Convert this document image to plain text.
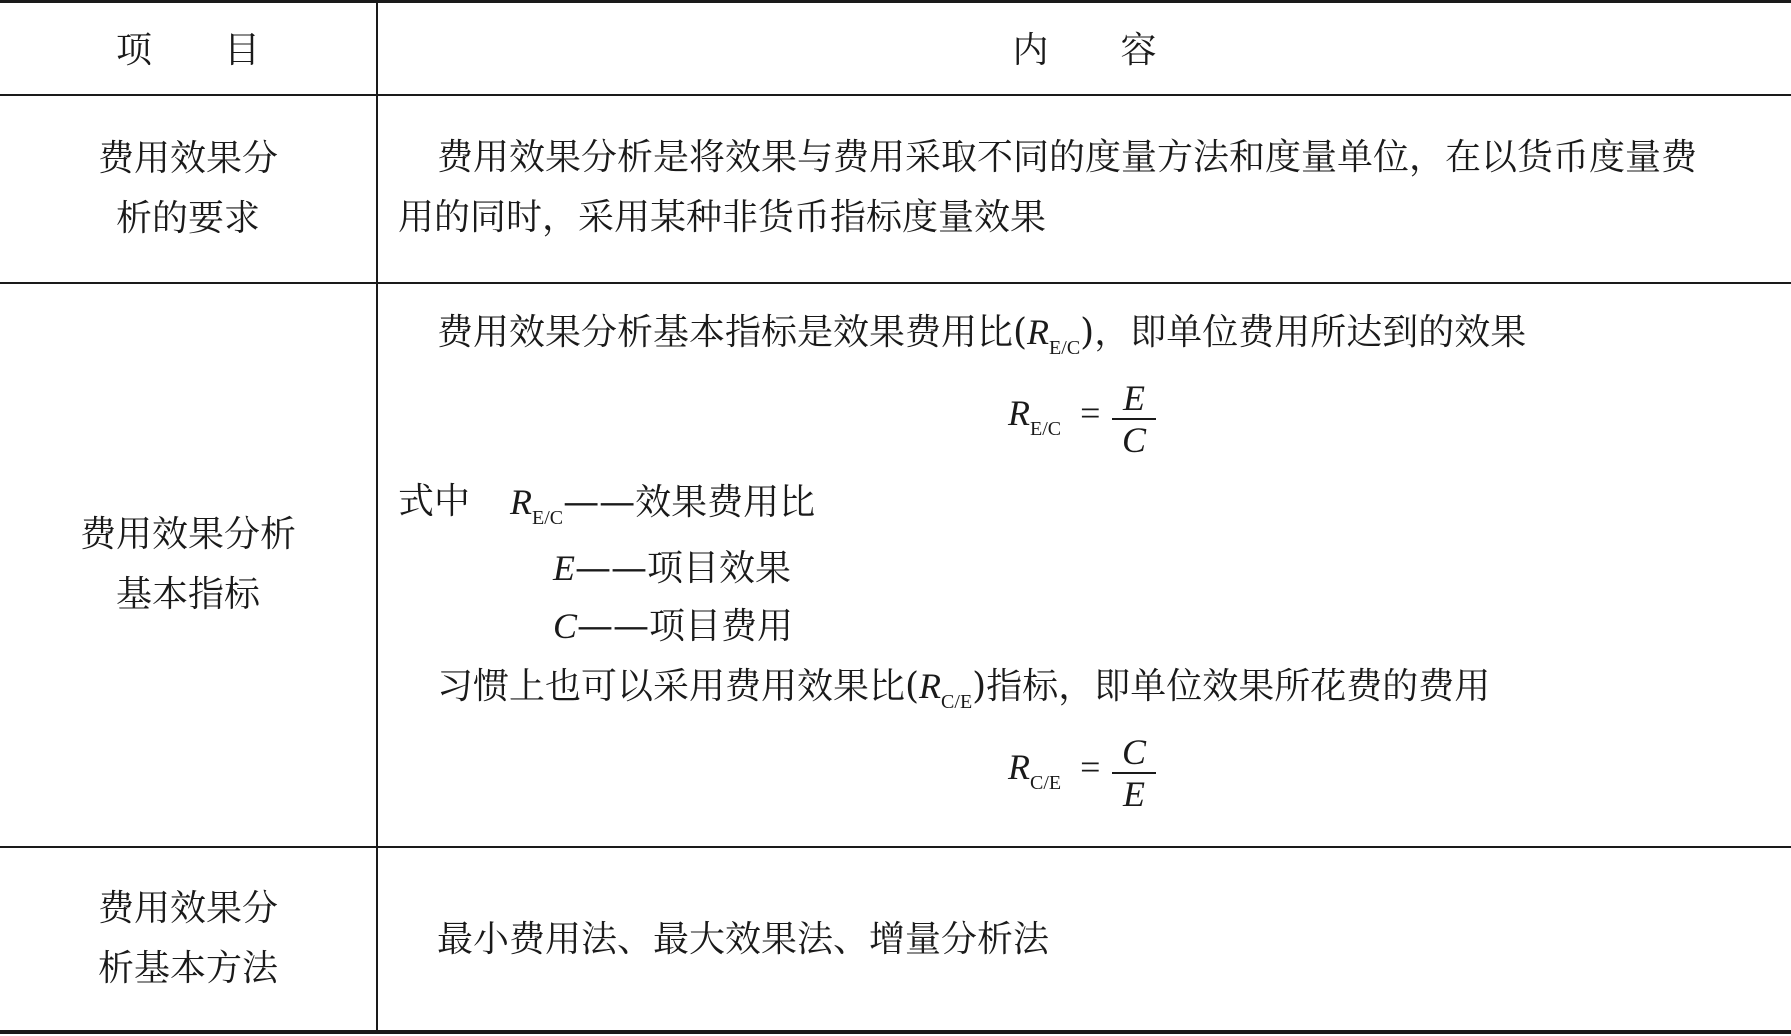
项　　目	内　　容
费用效果分
析的要求
费用效果分析是将效果与费用采取不同的度量方法和度量单位，在以货币度量费
用的同时，采用某种非货币指标度量效果
费用效果分析
基本指标
费用效果分析基本指标是效果费用比$(R_{E/C})$，即单位费用所达到的效果
$R_{E/C} = E$
C
式中 $R_{E/C}——$效果费用比
E——项目效果
C——项目费用
习惯上也可以采用费用效果比$(R_{C/E})$指标，即单位效果所花费的费用
$R_{C/E} = C$
E
费用效果分
析基本方法
最小费用法、最大效果法、增量分析法
